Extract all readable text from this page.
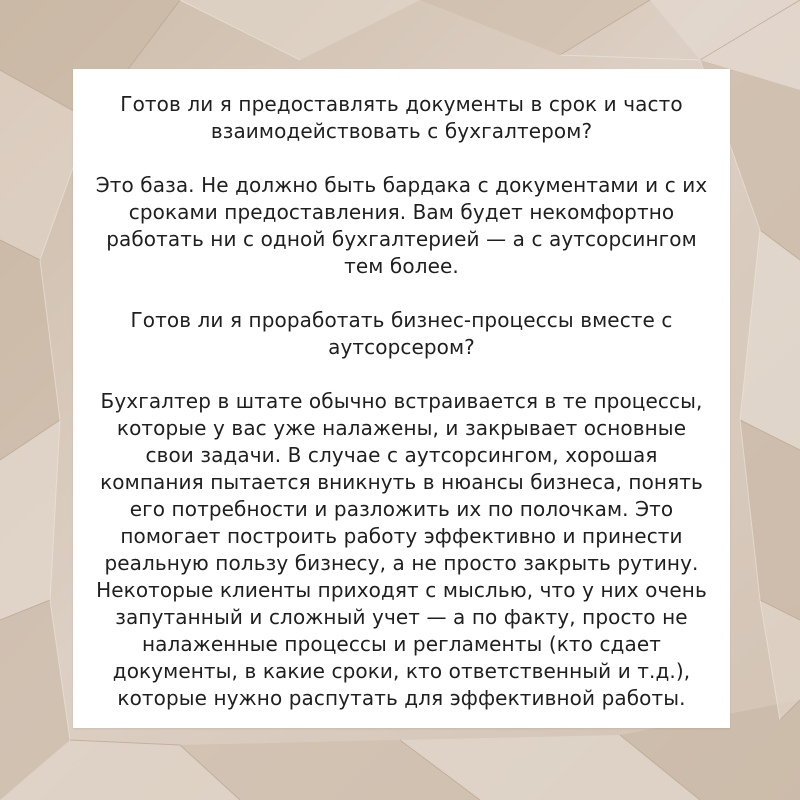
Готов ли я предоставлять документы в срок и часто взаимодействовать с бухгалтером?

Это база. Не должно быть бардака с документами и с их сроками предоставления. Вам будет некомфортно работать ни с одной бухгалтерией — а с аутсорсингом тем более.

Готов ли я проработать бизнес-процессы вместе с аутсорсером?

Бухгалтер в штате обычно встраивается в те процессы, которые у вас уже налажены, и закрывает основные свои задачи. В случае с аутсорсингом, хорошая компания пытается вникнуть в нюансы бизнеса, понять его потребности и разложить их по полочкам. Это помогает построить работу эффективно и принести реальную пользу бизнесу, а не просто закрыть рутину. Некоторые клиенты приходят с мыслью, что у них очень запутанный и сложный учет — а по факту, просто не налаженные процессы и регламенты (кто сдает документы, в какие сроки, кто ответственный и т.д.), которые нужно распутать для эффективной работы.
